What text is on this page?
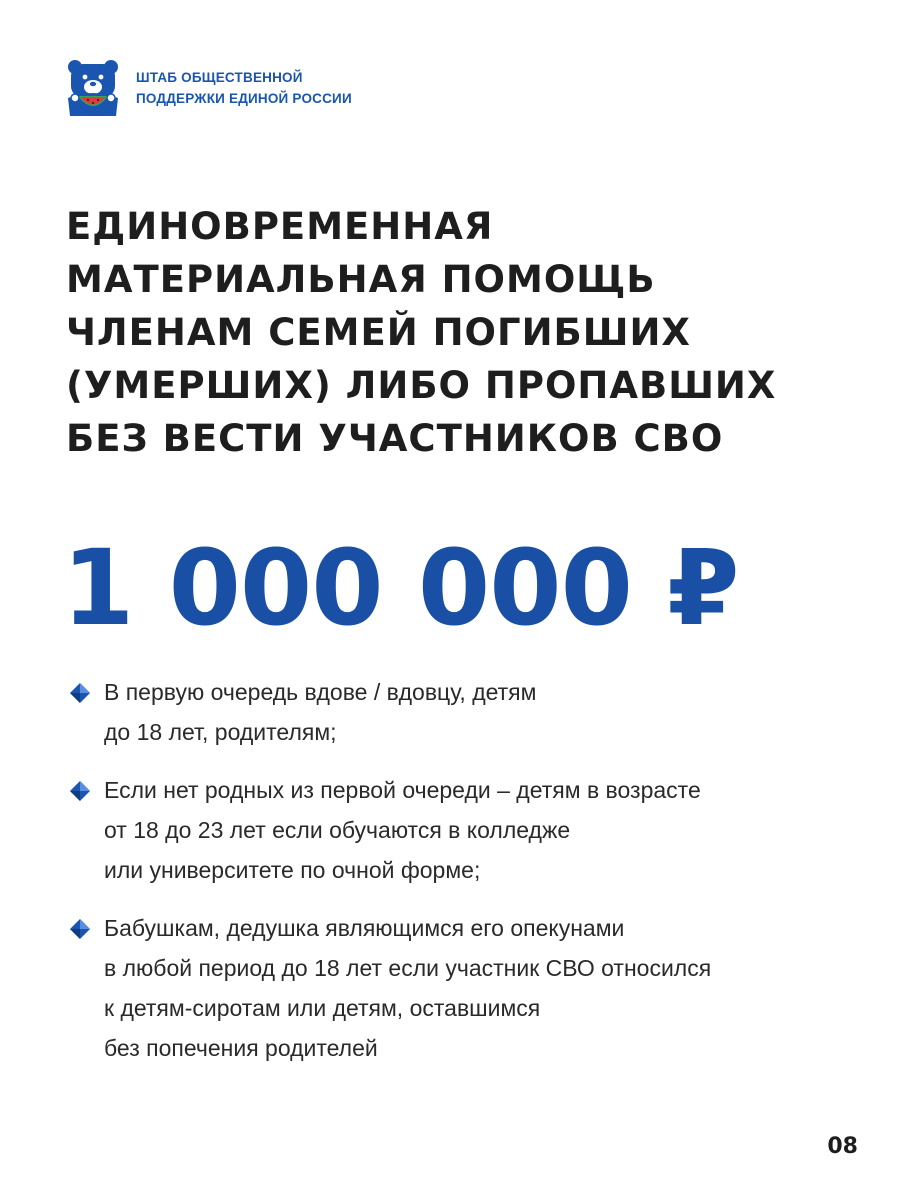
ШТАБ ОБЩЕСТВЕННОЙ
ПОДДЕРЖКИ ЕДИНОЙ РОССИИ
ЕДИНОВРЕМЕННАЯ
МАТЕРИАЛЬНАЯ ПОМОЩЬ
ЧЛЕНАМ СЕМЕЙ ПОГИБШИХ
(УМЕРШИХ) ЛИБО ПРОПАВШИХ
БЕЗ ВЕСТИ УЧАСТНИКОВ СВО
1 000 000 ₽
В первую очередь вдове / вдовцу, детям
до 18 лет, родителям;
Если нет родных из первой очереди – детям в возрасте
от 18 до 23 лет если обучаются в колледже
или университете по очной форме;
Бабушкам, дедушка являющимся его опекунами
в любой период до 18 лет если участник СВО относился
к детям-сиротам или детям, оставшимся
без попечения родителей
08
